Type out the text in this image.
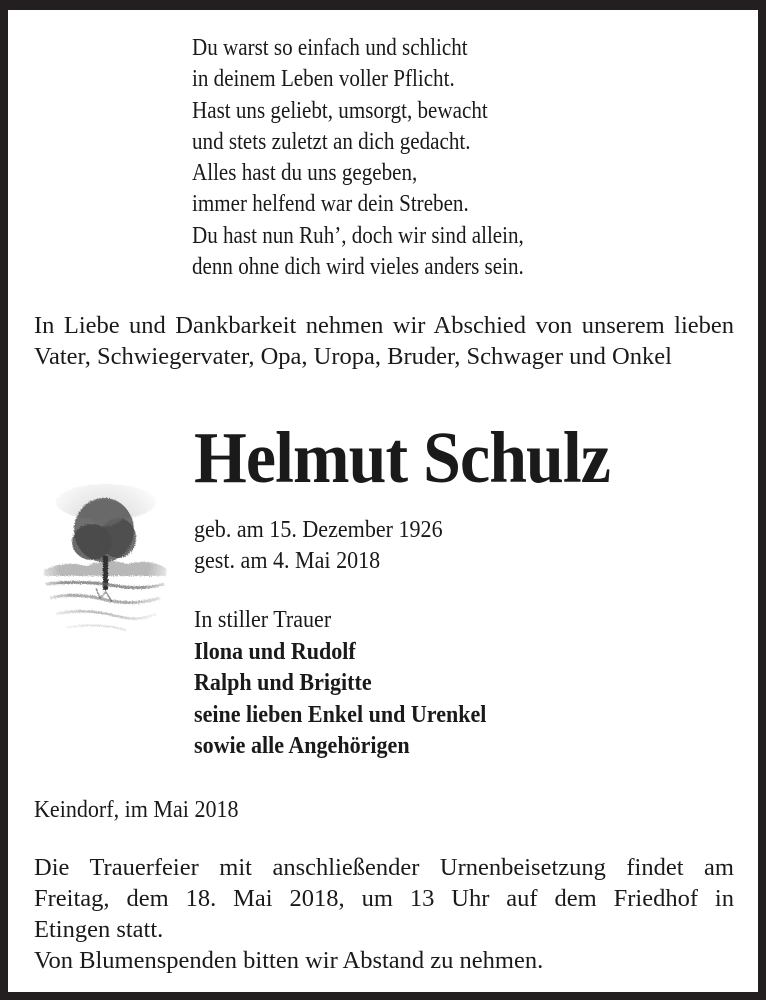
Du warst so einfach und schlicht
in deinem Leben voller Pflicht.
Hast uns geliebt, umsorgt, bewacht
und stets zuletzt an dich gedacht.
Alles hast du uns gegeben,
immer helfend war dein Streben.
Du hast nun Ruh’, doch wir sind allein,
denn ohne dich wird vieles anders sein.
In Liebe und Dankbarkeit nehmen wir Abschied von unserem lieben Vater, Schwiegervater, Opa, Uropa, Bruder, Schwager und Onkel
Helmut Schulz
geb. am 15. Dezember 1926
gest. am 4. Mai 2018
In stiller Trauer
Ilona und Rudolf
Ralph und Brigitte
seine lieben Enkel und Urenkel
sowie alle Angehörigen
Keindorf, im Mai 2018
Die Trauerfeier mit anschließender Urnenbeisetzung findet am
Freitag, dem 18. Mai 2018, um 13 Uhr auf dem Friedhof in
Etingen statt.
Von Blumenspenden bitten wir Abstand zu nehmen.
